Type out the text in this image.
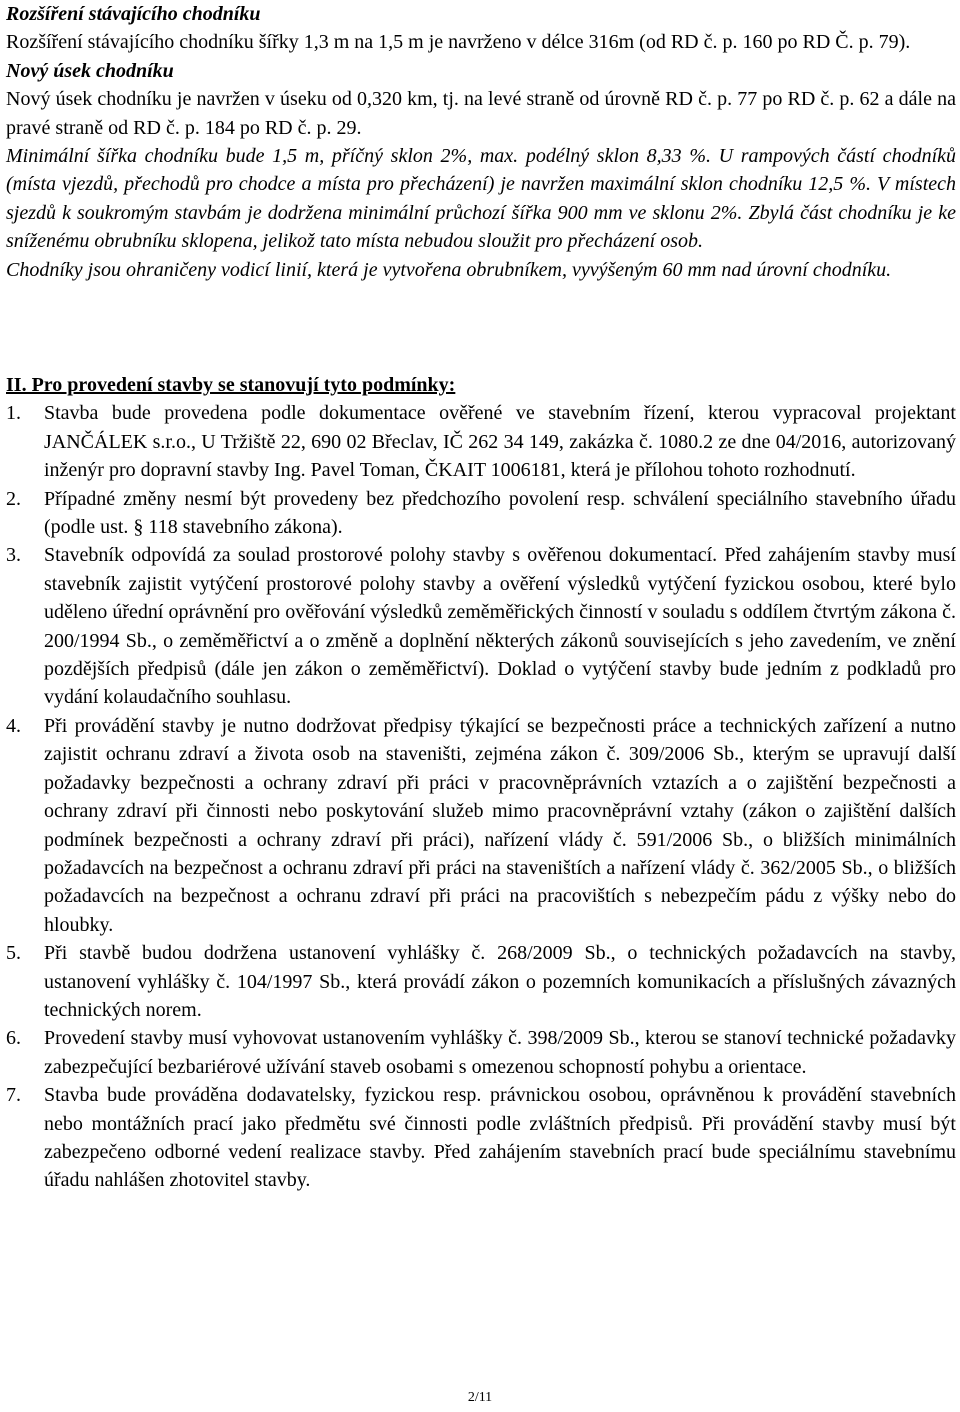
Rozšíření stávajícího chodníku

Rozšíření stávajícího chodníku šířky 1,3 m na 1,5 m je navrženo v délce 316m (od RD č. p. 160 po RD Č. p. 79).

Nový úsek chodníku

Nový úsek chodníku je navržen v úseku od 0,320 km, tj. na levé straně od úrovně RD č. p. 77 po RD č. p. 62 a dále na pravé straně od RD č. p. 184 po RD č. p. 29.

Minimální šířka chodníku bude 1,5 m, příčný sklon 2%, max. podélný sklon 8,33 %. U rampových částí chodníků (místa vjezdů, přechodů pro chodce a místa pro přecházení) je navržen maximální sklon chodníku 12,5 %. V místech sjezdů k soukromým stavbám je dodržena minimální průchozí šířka 900 mm ve sklonu 2%. Zbylá část chodníku je ke sníženému obrubníku sklopena, jelikož tato místa nebudou sloužit pro přecházení osob.

Chodníky jsou ohraničeny vodicí linií, která je vytvořena obrubníkem, vyvýšeným 60 mm nad úrovní chodníku.

II. Pro provedení stavby se stanovují tyto podmínky:

1.	Stavba bude provedena podle dokumentace ověřené ve stavebním řízení, kterou vypracoval projektant JANČÁLEK s.r.o., U Tržiště 22, 690 02 Břeclav, IČ 262 34 149, zakázka č. 1080.2 ze dne 04/2016, autorizovaný inženýr pro dopravní stavby Ing. Pavel Toman, ČKAIT 1006181, která je přílohou tohoto rozhodnutí.
2.	Případné změny nesmí být provedeny bez předchozího povolení resp. schválení speciálního stavebního úřadu (podle ust. § 118 stavebního zákona).
3.	Stavebník odpovídá za soulad prostorové polohy stavby s ověřenou dokumentací. Před zahájením stavby musí stavebník zajistit vytýčení prostorové polohy stavby a ověření výsledků vytýčení fyzickou osobou, které bylo uděleno úřední oprávnění pro ověřování výsledků zeměměřických činností v souladu s oddílem čtvrtým zákona č. 200/1994 Sb., o zeměměřictví a o změně a doplnění některých zákonů souvisejících s jeho zavedením, ve znění pozdějších předpisů (dále jen zákon o zeměměřictví). Doklad o vytýčení stavby bude jedním z podkladů pro vydání kolaudačního souhlasu.
4.	Při provádění stavby je nutno dodržovat předpisy týkající se bezpečnosti práce a technických zařízení a nutno zajistit ochranu zdraví a života osob na staveništi, zejména zákon č. 309/2006 Sb., kterým se upravují další požadavky bezpečnosti a ochrany zdraví při práci v pracovněprávních vztazích a o zajištění bezpečnosti a ochrany zdraví při činnosti nebo poskytování služeb mimo pracovněprávní vztahy (zákon o zajištění dalších podmínek bezpečnosti a ochrany zdraví při práci), nařízení vlády č. 591/2006 Sb., o bližších minimálních požadavcích na bezpečnost a ochranu zdraví při práci na staveništích a nařízení vlády č. 362/2005 Sb., o bližších požadavcích na bezpečnost a ochranu zdraví při práci na pracovištích s nebezpečím pádu z výšky nebo do hloubky.
5.	Při stavbě budou dodržena ustanovení vyhlášky č. 268/2009 Sb., o technických požadavcích na stavby, ustanovení vyhlášky č. 104/1997 Sb., která provádí zákon o pozemních komunikacích a příslušných závazných technických norem.
6.	Provedení stavby musí vyhovovat ustanovením vyhlášky č. 398/2009 Sb., kterou se stanoví technické požadavky zabezpečující bezbariérové užívání staveb osobami s omezenou schopností pohybu a orientace.
7.	Stavba bude prováděna dodavatelsky, fyzickou resp. právnickou osobou, oprávněnou k provádění stavebních nebo montážních prací jako předmětu své činnosti podle zvláštních předpisů. Při provádění stavby musí být zabezpečeno odborné vedení realizace stavby. Před zahájením stavebních prací bude speciálnímu stavebnímu úřadu nahlášen zhotovitel stavby.
2/11
